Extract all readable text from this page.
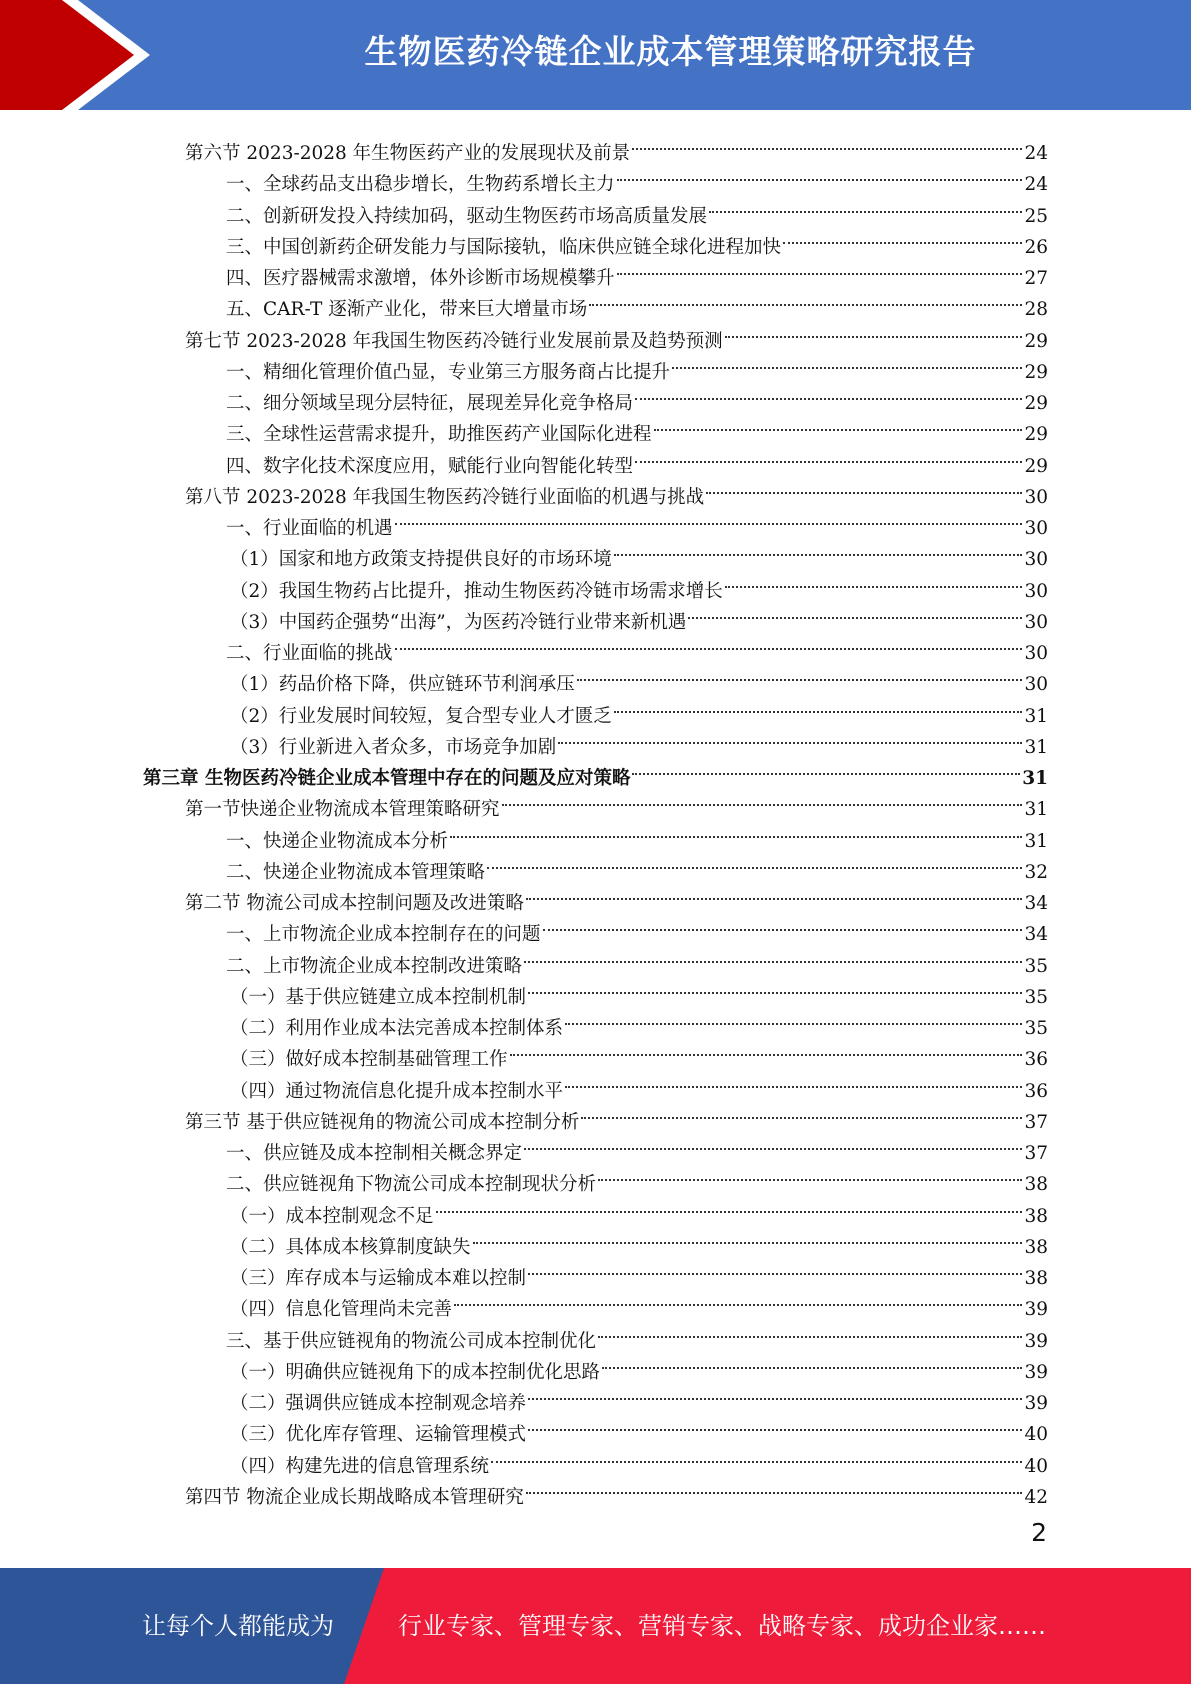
生物医药冷链企业成本管理策略研究报告
第六节 2023-2028 年生物医药产业的发展现状及前景	24
一、全球药品支出稳步增长，生物药系增长主力	24
二、创新研发投入持续加码，驱动生物医药市场高质量发展	25
三、中国创新药企研发能力与国际接轨，临床供应链全球化进程加快	26
四、医疗器械需求激增，体外诊断市场规模攀升	27
五、CAR-T 逐渐产业化，带来巨大增量市场	28
第七节 2023-2028 年我国生物医药冷链行业发展前景及趋势预测	29
一、精细化管理价值凸显，专业第三方服务商占比提升	29
二、细分领域呈现分层特征，展现差异化竞争格局	29
三、全球性运营需求提升，助推医药产业国际化进程	29
四、数字化技术深度应用，赋能行业向智能化转型	29
第八节 2023-2028 年我国生物医药冷链行业面临的机遇与挑战	30
一、行业面临的机遇	30
（1）国家和地方政策支持提供良好的市场环境	30
（2）我国生物药占比提升，推动生物医药冷链市场需求增长	30
（3）中国药企强势“出海”，为医药冷链行业带来新机遇	30
二、行业面临的挑战	30
（1）药品价格下降，供应链环节利润承压	30
（2）行业发展时间较短，复合型专业人才匮乏	31
（3）行业新进入者众多，市场竞争加剧	31
第三章 生物医药冷链企业成本管理中存在的问题及应对策略	31
第一节快递企业物流成本管理策略研究	31
一、快递企业物流成本分析	31
二、快递企业物流成本管理策略	32
第二节 物流公司成本控制问题及改进策略	34
一、上市物流企业成本控制存在的问题	34
二、上市物流企业成本控制改进策略	35
（一）基于供应链建立成本控制机制	35
（二）利用作业成本法完善成本控制体系	35
（三）做好成本控制基础管理工作	36
（四）通过物流信息化提升成本控制水平	36
第三节 基于供应链视角的物流公司成本控制分析	37
一、供应链及成本控制相关概念界定	37
二、供应链视角下物流公司成本控制现状分析	38
（一）成本控制观念不足	38
（二）具体成本核算制度缺失	38
（三）库存成本与运输成本难以控制	38
（四）信息化管理尚未完善	39
三、基于供应链视角的物流公司成本控制优化	39
（一）明确供应链视角下的成本控制优化思路	39
（二）强调供应链成本控制观念培养	39
（三）优化库存管理、运输管理模式	40
（四）构建先进的信息管理系统	40
第四节 物流企业成长期战略成本管理研究	42
2
让每个人都能成为	行业专家、管理专家、营销专家、战略专家、成功企业家……
